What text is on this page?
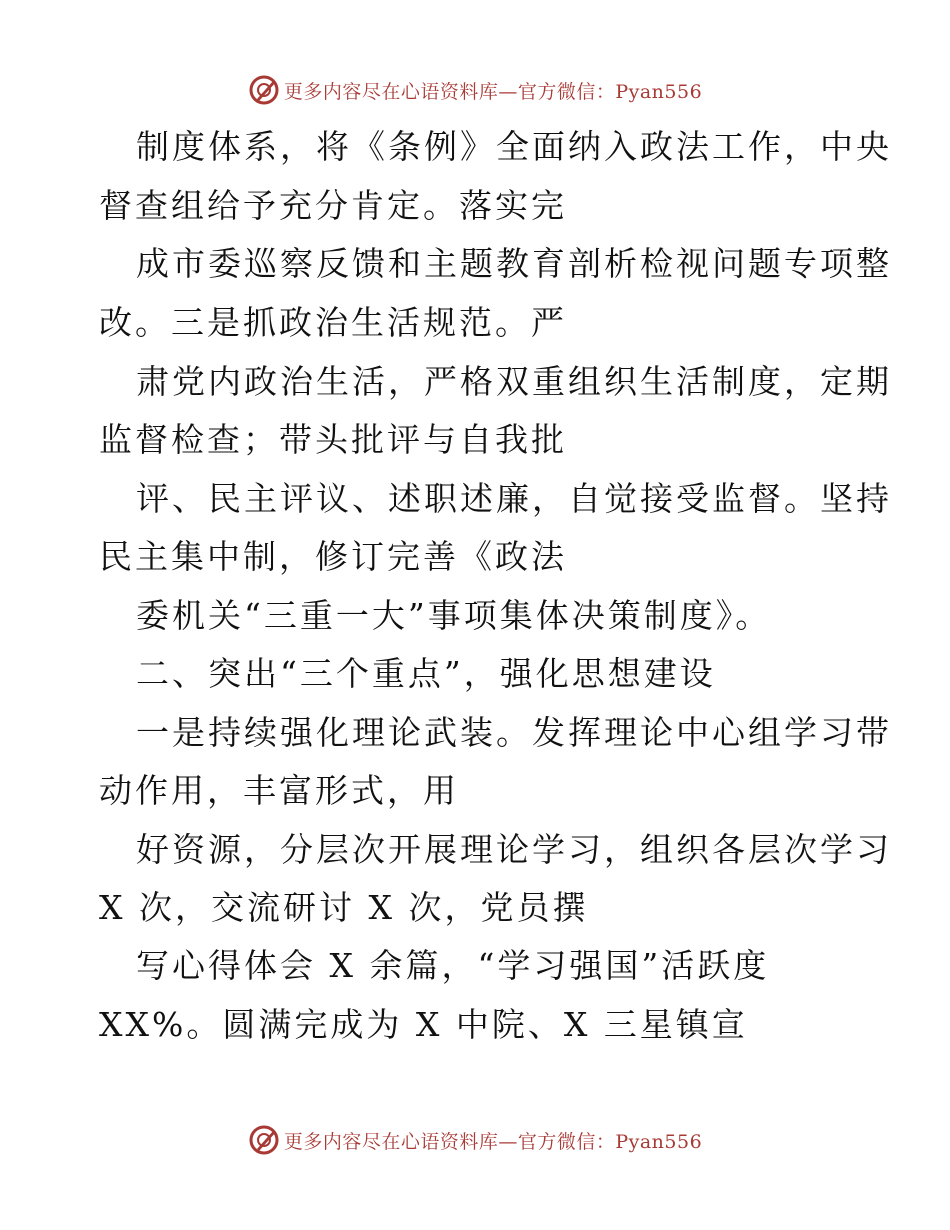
更多内容尽在心语资料库—官方微信：Pyan556
制度体系，将《条例》全面纳入政法工作，中央
督查组给予充分肯定。落实完
成市委巡察反馈和主题教育剖析检视问题专项整
改。三是抓政治生活规范。严
肃党内政治生活，严格双重组织生活制度，定期
监督检查；带头批评与自我批
评、民主评议、述职述廉，自觉接受监督。坚持
民主集中制，修订完善《政法
委机关“三重一大”事项集体决策制度》。
二、突出“三个重点”，强化思想建设
一是持续强化理论武装。发挥理论中心组学习带
动作用，丰富形式，用
好资源，分层次开展理论学习，组织各层次学习
X 次，交流研讨 X 次，党员撰
写心得体会 X 余篇，“学习强国”活跃度
XX%。圆满完成为 X 中院、X 三星镇宣
更多内容尽在心语资料库—官方微信：Pyan556
